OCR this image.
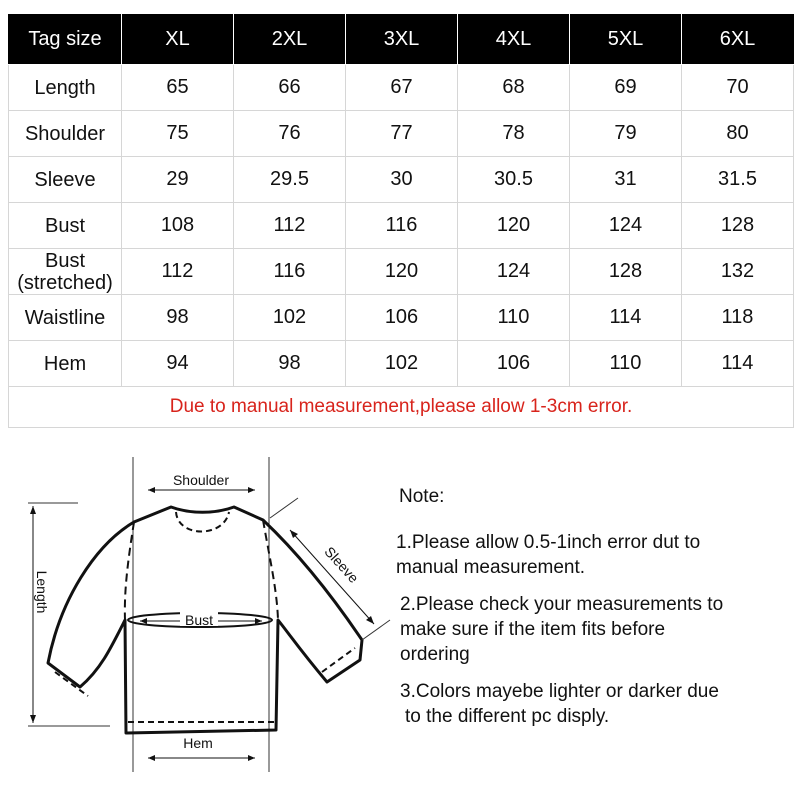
Tag size	XL	2XL	3XL	4XL	5XL	6XL
Length	65	66	67	68	69	70
Shoulder	75	76	77	78	79	80
Sleeve	29	29.5	30	30.5	31	31.5
Bust	108	112	116	120	124	128
Bust
(stretched)	112	116	120	124	128	132
Waistline	98	102	106	110	114	118
Hem	94	98	102	106	110	114
Due to manual measurement,please allow 1-3cm error.						
Shoulder
Length
Sleeve
Bust
Hem
Note:

1.Please allow 0.5-1inch error dut to
manual measurement.

2.Please check your measurements to
make sure if the item fits before
ordering

3.Colors mayebe lighter or darker due
to the different pc disply.
